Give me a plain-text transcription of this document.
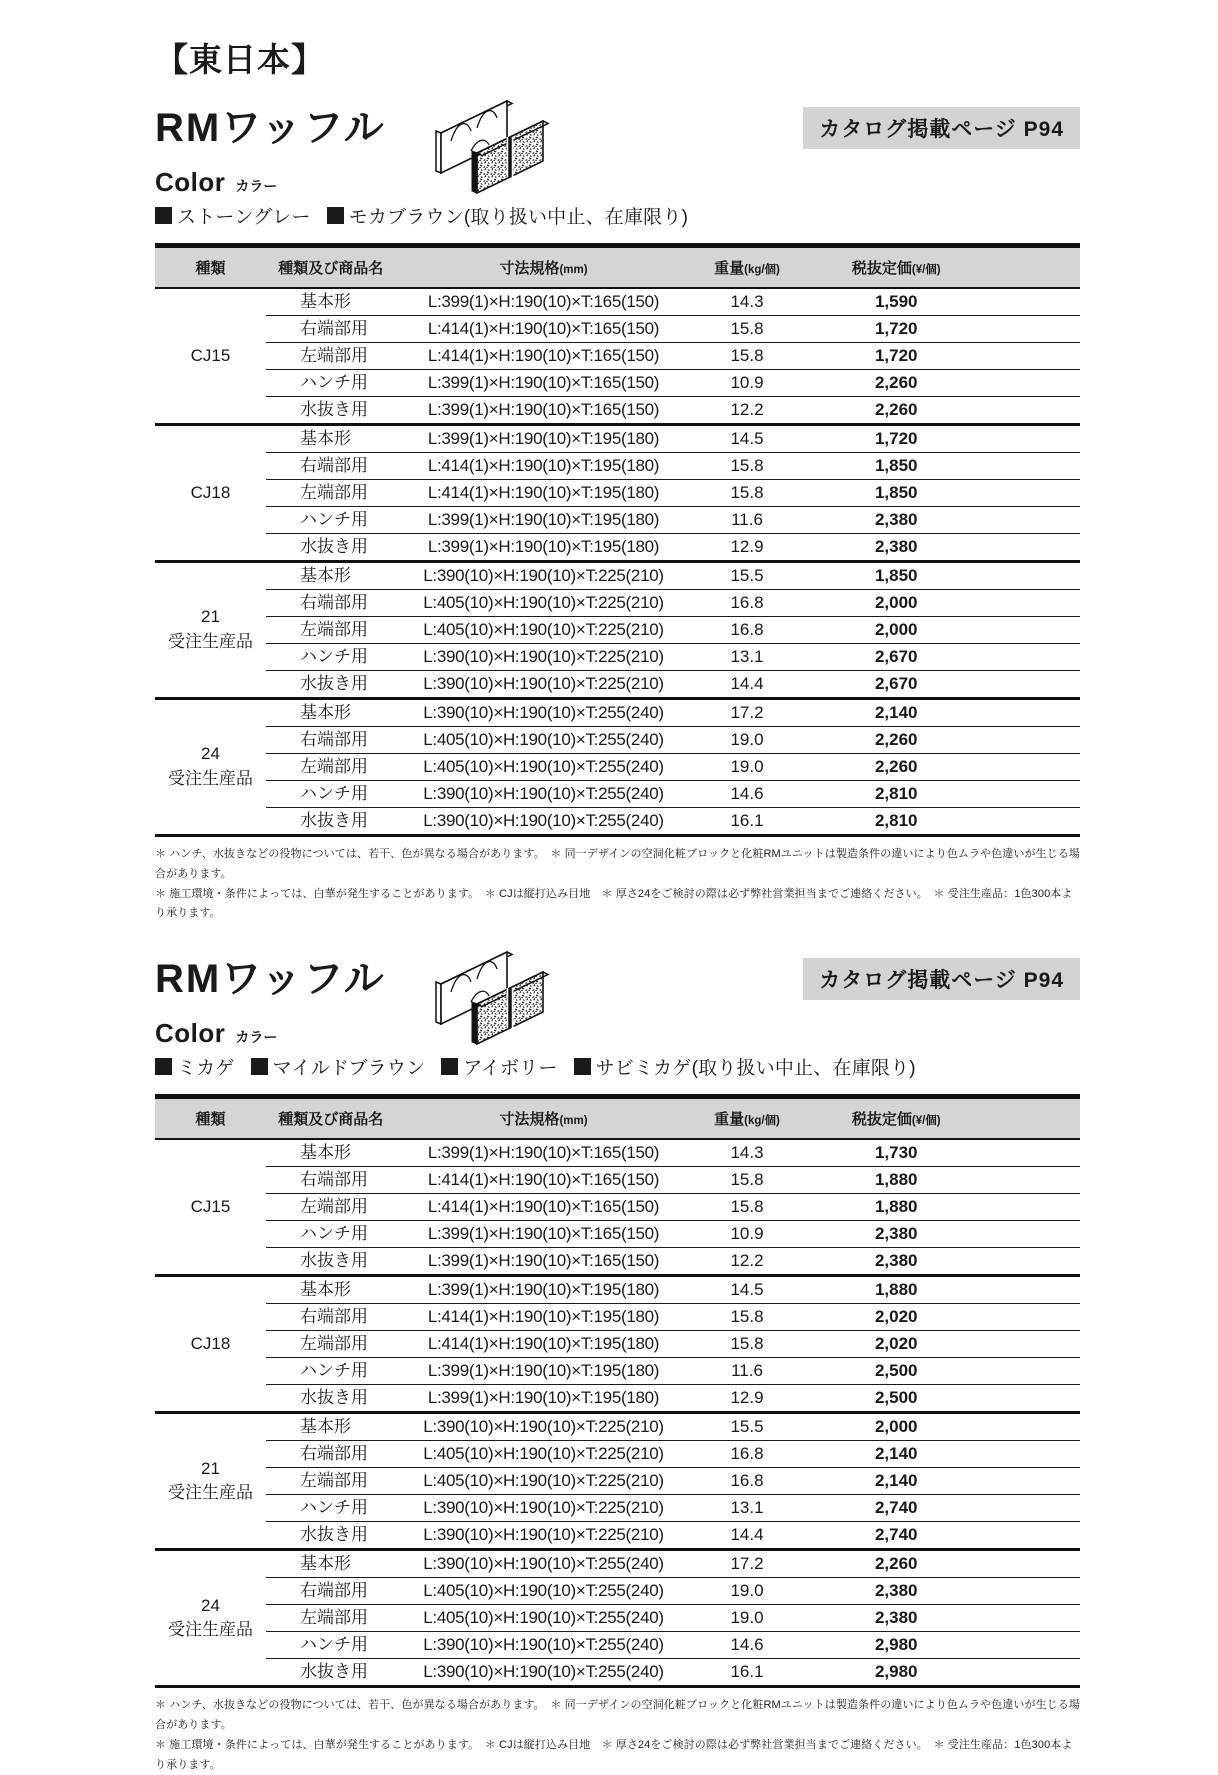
【東日本】
RMワッフル	カタログ掲載ページ P94
Color カラー
ストーングレー モカブラウン(取り扱い中止、在庫限り)
種類	種類及び商品名	寸法規格(mm)	重量(kg/個)	税抜定価(¥/個)
CJ15	基本形	L:399(1)×H:190(10)×T:165(150)	14.3	1,590
	右端部用	L:414(1)×H:190(10)×T:165(150)	15.8	1,720
	左端部用	L:414(1)×H:190(10)×T:165(150)	15.8	1,720
	ハンチ用	L:399(1)×H:190(10)×T:165(150)	10.9	2,260
	水抜き用	L:399(1)×H:190(10)×T:165(150)	12.2	2,260
CJ18	基本形	L:399(1)×H:190(10)×T:195(180)	14.5	1,720
	右端部用	L:414(1)×H:190(10)×T:195(180)	15.8	1,850
	左端部用	L:414(1)×H:190(10)×T:195(180)	15.8	1,850
	ハンチ用	L:399(1)×H:190(10)×T:195(180)	11.6	2,380
	水抜き用	L:399(1)×H:190(10)×T:195(180)	12.9	2,380
21
受注生産品	基本形	L:390(10)×H:190(10)×T:225(210)	15.5	1,850
	右端部用	L:405(10)×H:190(10)×T:225(210)	16.8	2,000
	左端部用	L:405(10)×H:190(10)×T:225(210)	16.8	2,000
	ハンチ用	L:390(10)×H:190(10)×T:225(210)	13.1	2,670
	水抜き用	L:390(10)×H:190(10)×T:225(210)	14.4	2,670
24
受注生産品	基本形	L:390(10)×H:190(10)×T:255(240)	17.2	2,140
	右端部用	L:405(10)×H:190(10)×T:255(240)	19.0	2,260
	左端部用	L:405(10)×H:190(10)×T:255(240)	19.0	2,260
	ハンチ用	L:390(10)×H:190(10)×T:255(240)	14.6	2,810
	水抜き用	L:390(10)×H:190(10)×T:255(240)	16.1	2,810
＊ ハンチ、水抜きなどの役物については、若干、色が異なる場合があります。　＊ 同一デザインの空洞化粧ブロックと化粧RMユニットは製造条件の違いにより色ムラや色違いが生じる場合があります。
＊ 施工環境・条件によっては、白華が発生することがあります。　＊ CJは縦打込み目地　＊ 厚さ24をご検討の際は必ず弊社営業担当までご連絡ください。　＊ 受注生産品：1色300本より承ります。
RMワッフル	カタログ掲載ページ P94
Color カラー
ミカゲ マイルドブラウン アイボリー サビミカゲ(取り扱い中止、在庫限り)
種類	種類及び商品名	寸法規格(mm)	重量(kg/個)	税抜定価(¥/個)
CJ15	基本形	L:399(1)×H:190(10)×T:165(150)	14.3	1,730
	右端部用	L:414(1)×H:190(10)×T:165(150)	15.8	1,880
	左端部用	L:414(1)×H:190(10)×T:165(150)	15.8	1,880
	ハンチ用	L:399(1)×H:190(10)×T:165(150)	10.9	2,380
	水抜き用	L:399(1)×H:190(10)×T:165(150)	12.2	2,380
CJ18	基本形	L:399(1)×H:190(10)×T:195(180)	14.5	1,880
	右端部用	L:414(1)×H:190(10)×T:195(180)	15.8	2,020
	左端部用	L:414(1)×H:190(10)×T:195(180)	15.8	2,020
	ハンチ用	L:399(1)×H:190(10)×T:195(180)	11.6	2,500
	水抜き用	L:399(1)×H:190(10)×T:195(180)	12.9	2,500
21
受注生産品	基本形	L:390(10)×H:190(10)×T:225(210)	15.5	2,000
	右端部用	L:405(10)×H:190(10)×T:225(210)	16.8	2,140
	左端部用	L:405(10)×H:190(10)×T:225(210)	16.8	2,140
	ハンチ用	L:390(10)×H:190(10)×T:225(210)	13.1	2,740
	水抜き用	L:390(10)×H:190(10)×T:225(210)	14.4	2,740
24
受注生産品	基本形	L:390(10)×H:190(10)×T:255(240)	17.2	2,260
	右端部用	L:405(10)×H:190(10)×T:255(240)	19.0	2,380
	左端部用	L:405(10)×H:190(10)×T:255(240)	19.0	2,380
	ハンチ用	L:390(10)×H:190(10)×T:255(240)	14.6	2,980
	水抜き用	L:390(10)×H:190(10)×T:255(240)	16.1	2,980
＊ ハンチ、水抜きなどの役物については、若干、色が異なる場合があります。　＊ 同一デザインの空洞化粧ブロックと化粧RMユニットは製造条件の違いにより色ムラや色違いが生じる場合があります。
＊ 施工環境・条件によっては、白華が発生することがあります。　＊ CJは縦打込み目地　＊ 厚さ24をご検討の際は必ず弊社営業担当までご連絡ください。　＊ 受注生産品：1色300本より承ります。
